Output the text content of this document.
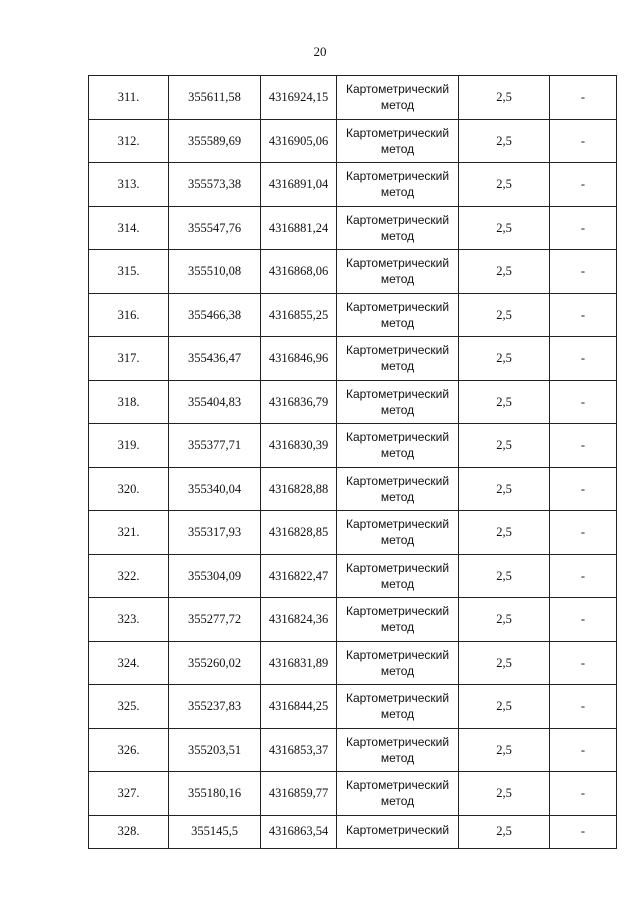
20
311.	355611,58	4316924,15	Картометрический метод	2,5	-
312.	355589,69	4316905,06	Картометрический метод	2,5	-
313.	355573,38	4316891,04	Картометрический метод	2,5	-
314.	355547,76	4316881,24	Картометрический метод	2,5	-
315.	355510,08	4316868,06	Картометрический метод	2,5	-
316.	355466,38	4316855,25	Картометрический метод	2,5	-
317.	355436,47	4316846,96	Картометрический метод	2,5	-
318.	355404,83	4316836,79	Картометрический метод	2,5	-
319.	355377,71	4316830,39	Картометрический метод	2,5	-
320.	355340,04	4316828,88	Картометрический метод	2,5	-
321.	355317,93	4316828,85	Картометрический метод	2,5	-
322.	355304,09	4316822,47	Картометрический метод	2,5	-
323.	355277,72	4316824,36	Картометрический метод	2,5	-
324.	355260,02	4316831,89	Картометрический метод	2,5	-
325.	355237,83	4316844,25	Картометрический метод	2,5	-
326.	355203,51	4316853,37	Картометрический метод	2,5	-
327.	355180,16	4316859,77	Картометрический метод	2,5	-
328.	355145,5	4316863,54	Картометрический	2,5	-
